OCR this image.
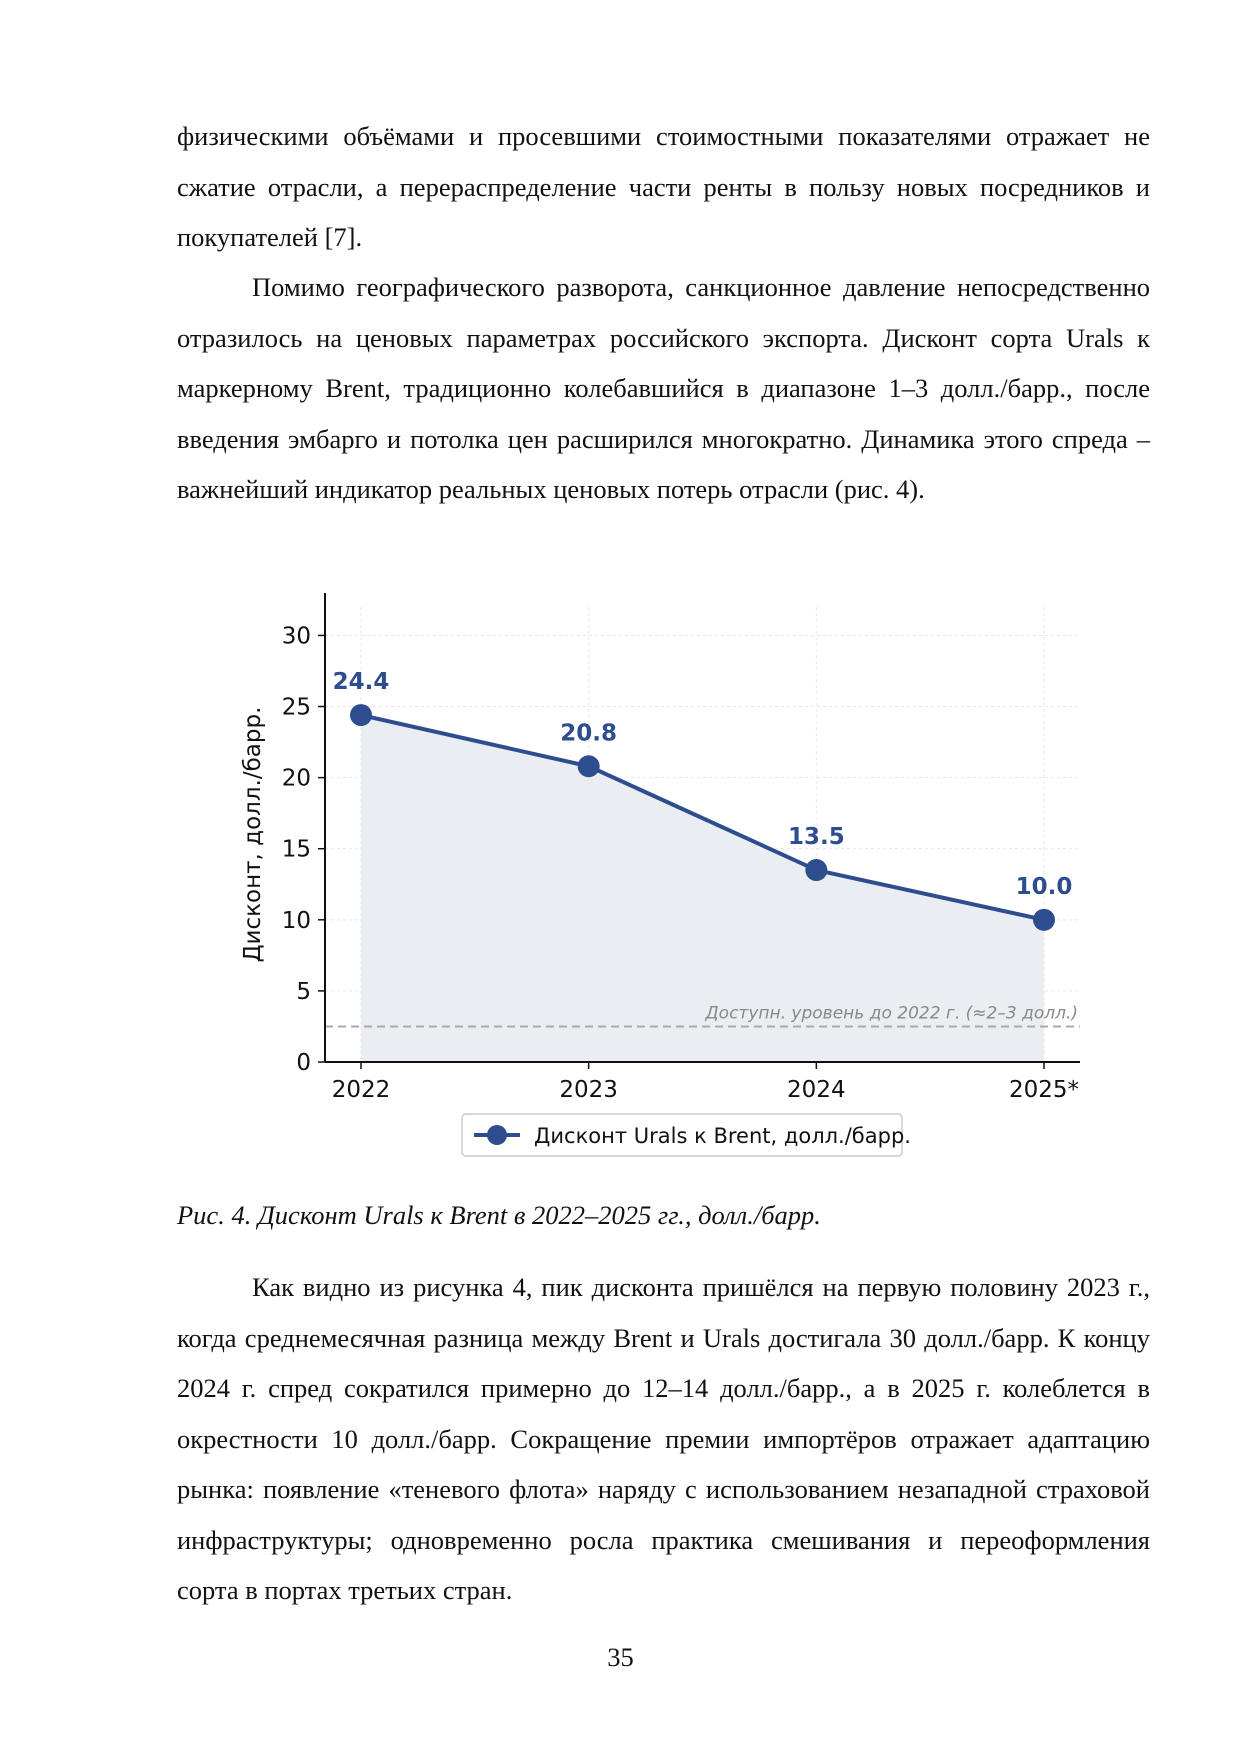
физическими объёмами и просевшими стоимостными показателями отражает не сжатие отрасли, а перераспределение части ренты в пользу новых посредников и покупателей [7].

Помимо географического разворота, санкционное давление непосредственно отразилось на ценовых параметрах российского экспорта. Дисконт сорта Urals к маркерному Brent, традиционно колебавшийся в диапазоне 1–3 долл./барр., после введения эмбарго и потолка цен расширился многократно. Динамика этого спреда – важнейший индикатор реальных ценовых потерь отрасли (рис. 4).

Доступн. уровень до 2022 г. (≈2–3 долл.)
0
5
10
15
20
25
30
2022	2023	2024	2025*
Дисконт, долл./барр.
24.4
20.8
13.5
10.0
Дисконт Urals к Brent, долл./барр.

Рис. 4. Дисконт Urals к Brent в 2022–2025 гг., долл./барр.

Как видно из рисунка 4, пик дисконта пришёлся на первую половину 2023 г., когда среднемесячная разница между Brent и Urals достигала 30 долл./барр. К концу 2024 г. спред сократился примерно до 12–14 долл./барр., а в 2025 г. колеблется в окрестности 10 долл./барр. Сокращение премии импортёров отражает адаптацию рынка: появление «теневого флота» наряду с использованием незападной страховой инфраструктуры; одновременно росла практика смешивания и переоформления сорта в портах третьих стран.

35
